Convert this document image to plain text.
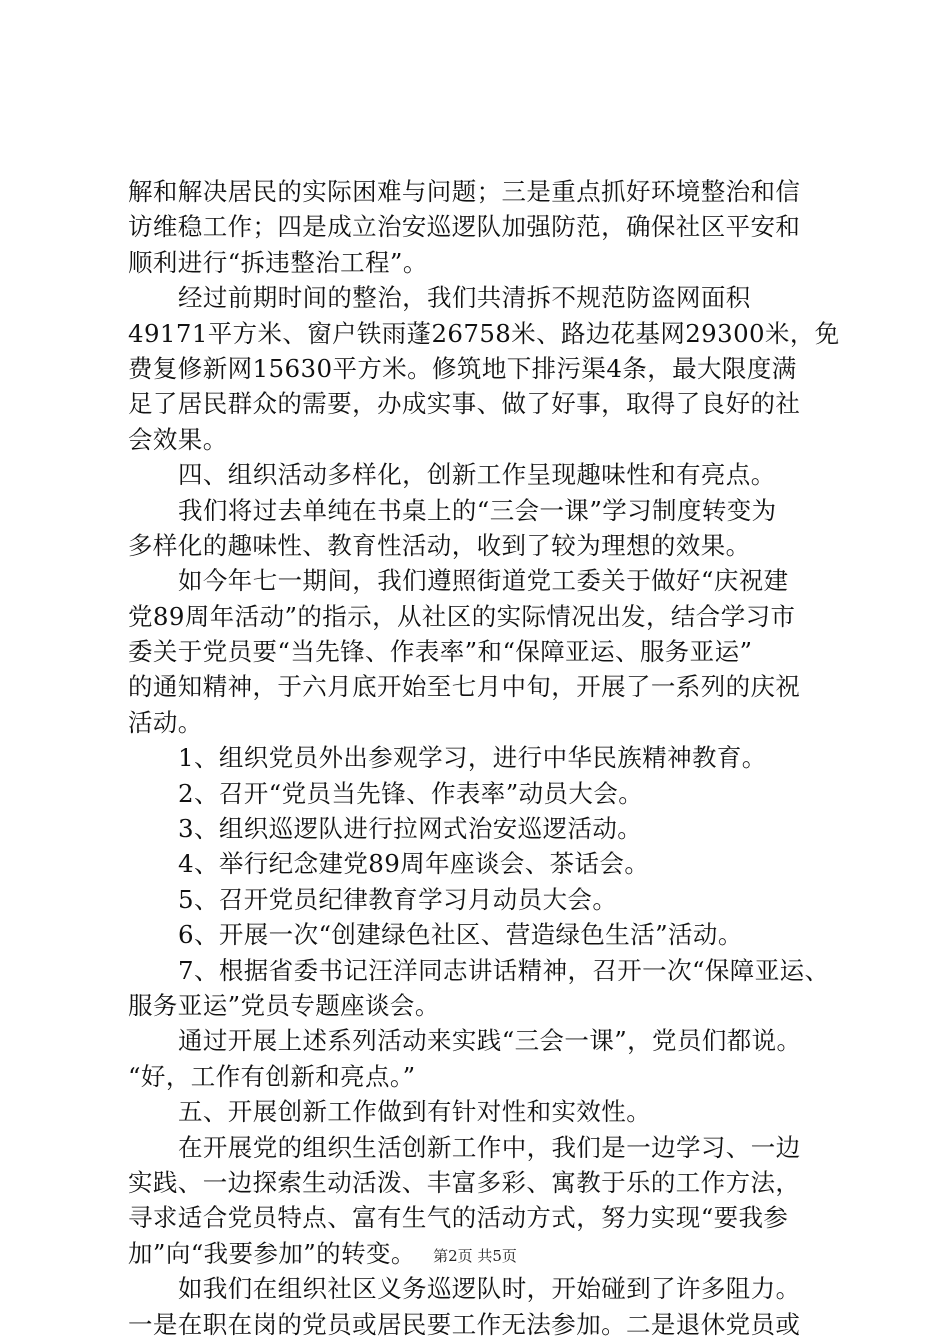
解和解决居民的实际困难与问题；三是重点抓好环境整治和信
访维稳工作；四是成立治安巡逻队加强防范，确保社区平安和
顺利进行“拆违整治工程”。
经过前期时间的整治，我们共清拆不规范防盗网面积
49171平方米、窗户铁雨蓬26758米、路边花基网29300米，免
费复修新网15630平方米。修筑地下排污渠4条，最大限度满
足了居民群众的需要，办成实事、做了好事，取得了良好的社
会效果。
四、组织活动多样化，创新工作呈现趣味性和有亮点。
我们将过去单纯在书桌上的“三会一课”学习制度转变为
多样化的趣味性、教育性活动，收到了较为理想的效果。
如今年七一期间，我们遵照街道党工委关于做好“庆祝建
党89周年活动”的指示，从社区的实际情况出发，结合学习市
委关于党员要“当先锋、作表率”和“保障亚运、服务亚运”
的通知精神，于六月底开始至七月中旬，开展了一系列的庆祝
活动。
1、组织党员外出参观学习，进行中华民族精神教育。
2、召开“党员当先锋、作表率”动员大会。
3、组织巡逻队进行拉网式治安巡逻活动。
4、举行纪念建党89周年座谈会、茶话会。
5、召开党员纪律教育学习月动员大会。
6、开展一次“创建绿色社区、营造绿色生活”活动。
7、根据省委书记汪洋同志讲话精神，召开一次“保障亚运、
服务亚运”党员专题座谈会。
通过开展上述系列活动来实践“三会一课”，党员们都说。
“好，工作有创新和亮点。”
五、开展创新工作做到有针对性和实效性。
在开展党的组织生活创新工作中，我们是一边学习、一边
实践、一边探索生动活泼、丰富多彩、寓教于乐的工作方法，
寻求适合党员特点、富有生气的活动方式，努力实现“要我参
加”向“我要参加”的转变。
如我们在组织社区义务巡逻队时，开始碰到了许多阻力。
一是在职在岗的党员或居民要工作无法参加。二是退休党员或
第2页 共5页
